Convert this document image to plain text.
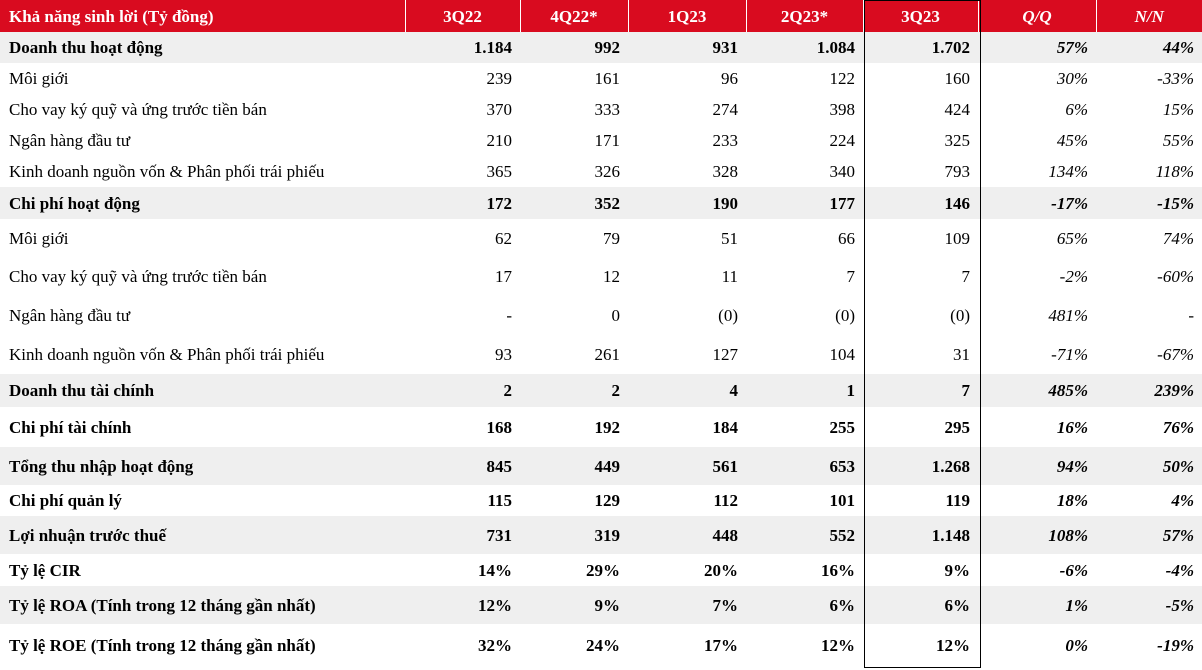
Khả năng sinh lời (Tỷ đồng)	3Q22	4Q22*	1Q23	2Q23*	3Q23	Q/Q	N/N
Doanh thu hoạt động	1.184	992	931	1.084	1.702	57%	44%
Môi giới	239	161	96	122	160	30%	-33%
Cho vay ký quỹ và ứng trước tiền bán	370	333	274	398	424	6%	15%
Ngân hàng đầu tư	210	171	233	224	325	45%	55%
Kinh doanh nguồn vốn & Phân phối trái phiếu	365	326	328	340	793	134%	118%
Chi phí hoạt động	172	352	190	177	146	-17%	-15%
Môi giới	62	79	51	66	109	65%	74%
Cho vay ký quỹ và ứng trước tiền bán	17	12	11	7	7	-2%	-60%
Ngân hàng đầu tư	-	0	(0)	(0)	(0)	481%	-
Kinh doanh nguồn vốn & Phân phối trái phiếu	93	261	127	104	31	-71%	-67%
Doanh thu tài chính	2	2	4	1	7	485%	239%
Chi phí tài chính	168	192	184	255	295	16%	76%
Tổng thu nhập hoạt động	845	449	561	653	1.268	94%	50%
Chi phí quản lý	115	129	112	101	119	18%	4%
Lợi nhuận trước thuế	731	319	448	552	1.148	108%	57%
Tỷ lệ CIR	14%	29%	20%	16%	9%	-6%	-4%
Tỷ lệ ROA (Tính trong 12 tháng gần nhất)	12%	9%	7%	6%	6%	1%	-5%
Tỷ lệ ROE (Tính trong 12 tháng gần nhất)	32%	24%	17%	12%	12%	0%	-19%
